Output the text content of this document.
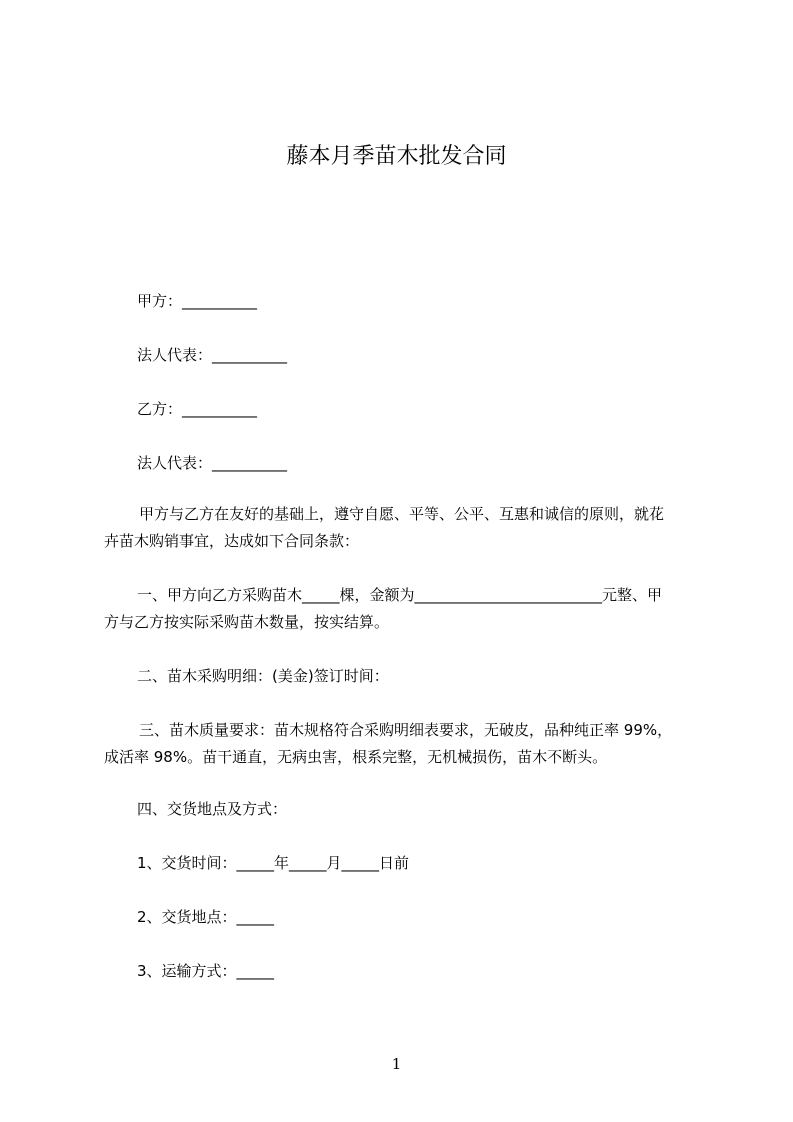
藤本月季苗木批发合同
甲方：__________
法人代表：__________
乙方：__________
法人代表：__________
甲方与乙方在友好的基础上，遵守自愿、平等、公平、互惠和诚信的原则，就花
卉苗木购销事宜，达成如下合同条款：
一、甲方向乙方采购苗木_____棵，金额为_________________________元整、甲
方与乙方按实际采购苗木数量，按实结算。
二、苗木采购明细：(美金)签订时间：
三、苗木质量要求：苗木规格符合采购明细表要求，无破皮，品种纯正率 99%，
成活率 98%。苗干通直，无病虫害，根系完整，无机械损伤，苗木不断头。
四、交货地点及方式：
1、交货时间：_____年_____月_____日前
2、交货地点：_____
3、运输方式：_____
1
